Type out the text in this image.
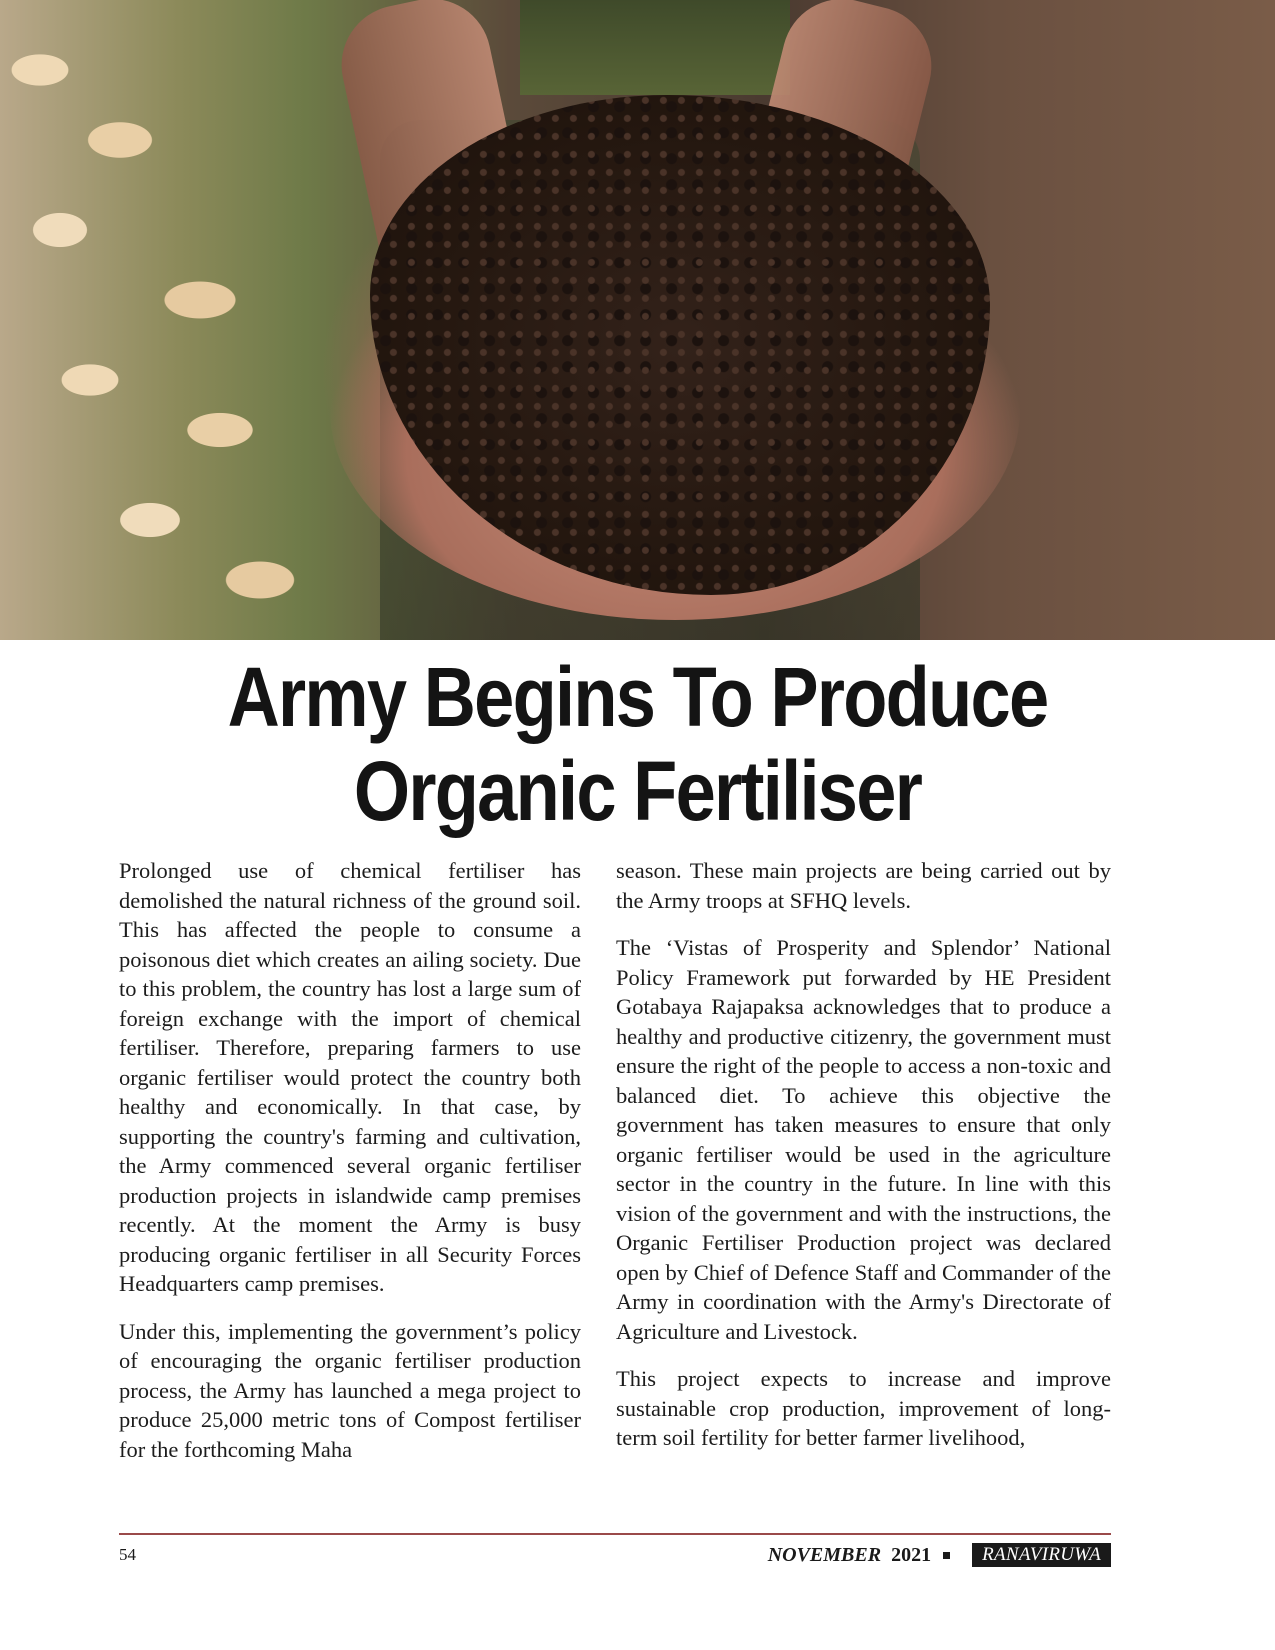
Army Begins To Produce
Organic Fertiliser

Prolonged use of chemical fertiliser has demolished the natural richness of the ground soil. This has affected the people to consume a poisonous diet which creates an ailing society. Due to this problem, the country has lost a large sum of foreign exchange with the import of chemical fertiliser. Therefore, preparing farmers to use organic fertiliser would protect the country both healthy and economically. In that case, by supporting the country's farming and cultivation, the Army commenced several organic fertiliser production projects in islandwide camp premises recently. At the moment the Army is busy producing organic fertiliser in all Security Forces Headquarters camp premises.

Under this, implementing the government’s policy of encouraging the organic fertiliser production process, the Army has launched a mega project to produce 25,000 metric tons of Compost fertiliser for the forthcoming Maha

season. These main projects are being carried out by the Army troops at SFHQ levels.

The ‘Vistas of Prosperity and Splendor’ National Policy Framework put forwarded by HE President Gotabaya Rajapaksa acknowledges that to produce a healthy and productive citizenry, the government must ensure the right of the people to access a non-toxic and balanced diet. To achieve this objective the government has taken measures to ensure that only organic fertiliser would be used in the agriculture sector in the country in the future. In line with this vision of the government and with the instructions, the Organic Fertiliser Production project was declared open by Chief of Defence Staff and Commander of the Army in coordination with the Army's Directorate of Agriculture and Livestock.

This project expects to increase and improve sustainable crop production, improvement of long-term soil fertility for better farmer livelihood,

54	NOVEMBER 2021	RANAVIRUWA
